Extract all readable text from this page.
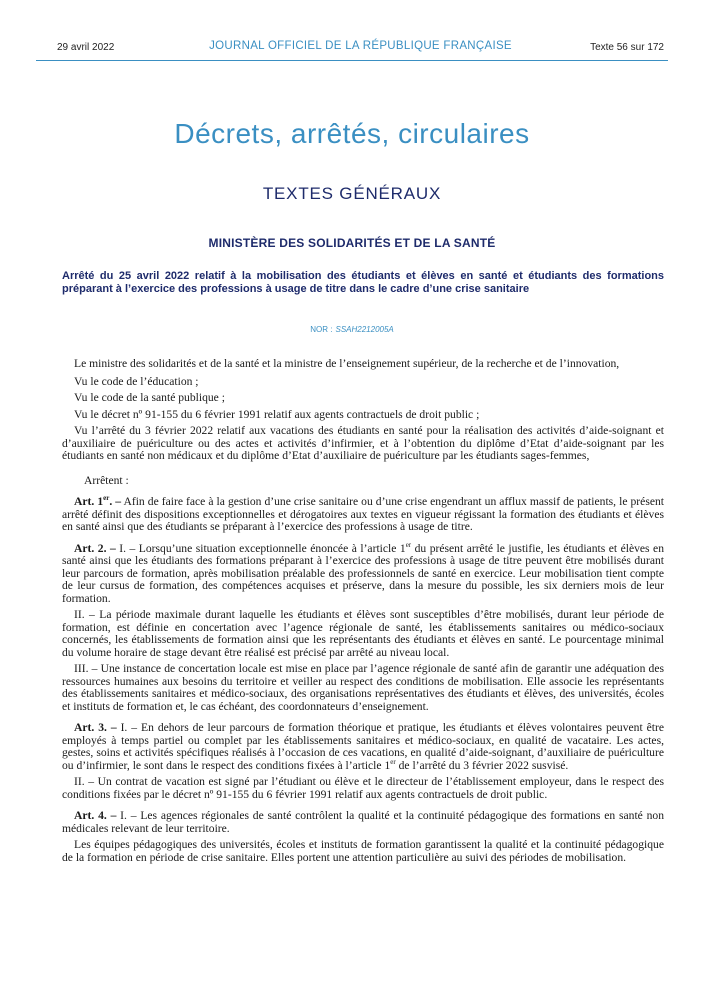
29 avril 2022	JOURNAL OFFICIEL DE LA RÉPUBLIQUE FRANÇAISE	Texte 56 sur 172
Décrets, arrêtés, circulaires
TEXTES GÉNÉRAUX
MINISTÈRE DES SOLIDARITÉS ET DE LA SANTÉ
Arrêté du 25 avril 2022 relatif à la mobilisation des étudiants et élèves en santé et étudiants des formations préparant à l’exercice des professions à usage de titre dans le cadre d’une crise sanitaire
NOR : SSAH2212005A

Le ministre des solidarités et de la santé et la ministre de l’enseignement supérieur, de la recherche et de l’innovation,

Vu le code de l’éducation ;

Vu le code de la santé publique ;

Vu le décret nº 91-155 du 6 février 1991 relatif aux agents contractuels de droit public ;

Vu l’arrêté du 3 février 2022 relatif aux vacations des étudiants en santé pour la réalisation des activités d’aide-soignant et d’auxiliaire de puériculture ou des actes et activités d’infirmier, et à l’obtention du diplôme d’Etat d’aide-soignant par les étudiants en santé non médicaux et du diplôme d’Etat d’auxiliaire de puériculture par les étudiants sages-femmes,

Arrêtent :

Art. 1er. – Afin de faire face à la gestion d’une crise sanitaire ou d’une crise engendrant un afflux massif de patients, le présent arrêté définit des dispositions exceptionnelles et dérogatoires aux textes en vigueur régissant la formation des étudiants et élèves en santé ainsi que des étudiants se préparant à l’exercice des professions à usage de titre.

Art. 2. – I. – Lorsqu’une situation exceptionnelle énoncée à l’article 1er du présent arrêté le justifie, les étudiants et élèves en santé ainsi que les étudiants des formations préparant à l’exercice des professions à usage de titre peuvent être mobilisés durant leur parcours de formation, après mobilisation préalable des professionnels de santé en exercice. Leur mobilisation tient compte de leur cursus de formation, des compétences acquises et préserve, dans la mesure du possible, les six derniers mois de leur formation.

II. – La période maximale durant laquelle les étudiants et élèves sont susceptibles d’être mobilisés, durant leur période de formation, est définie en concertation avec l’agence régionale de santé, les établissements sanitaires ou médico-sociaux concernés, les établissements de formation ainsi que les représentants des étudiants et élèves en santé. Le pourcentage minimal du volume horaire de stage devant être réalisé est précisé par arrêté au niveau local.

III. – Une instance de concertation locale est mise en place par l’agence régionale de santé afin de garantir une adéquation des ressources humaines aux besoins du territoire et veiller au respect des conditions de mobilisation. Elle associe les représentants des établissements sanitaires et médico-sociaux, des organisations représentatives des étudiants et élèves, des universités, écoles et instituts de formation et, le cas échéant, des coordonnateurs d’enseignement.

Art. 3. – I. – En dehors de leur parcours de formation théorique et pratique, les étudiants et élèves volontaires peuvent être employés à temps partiel ou complet par les établissements sanitaires et médico-sociaux, en qualité de vacataire. Les actes, gestes, soins et activités spécifiques réalisés à l’occasion de ces vacations, en qualité d’aide-soignant, d’auxiliaire de puériculture ou d’infirmier, le sont dans le respect des conditions fixées à l’article 1er de l’arrêté du 3 février 2022 susvisé.

II. – Un contrat de vacation est signé par l’étudiant ou élève et le directeur de l’établissement employeur, dans le respect des conditions fixées par le décret nº 91-155 du 6 février 1991 relatif aux agents contractuels de droit public.

Art. 4. – I. – Les agences régionales de santé contrôlent la qualité et la continuité pédagogique des formations en santé non médicales relevant de leur territoire.

Les équipes pédagogiques des universités, écoles et instituts de formation garantissent la qualité et la continuité pédagogique de la formation en période de crise sanitaire. Elles portent une attention particulière au suivi des périodes de mobilisation.
